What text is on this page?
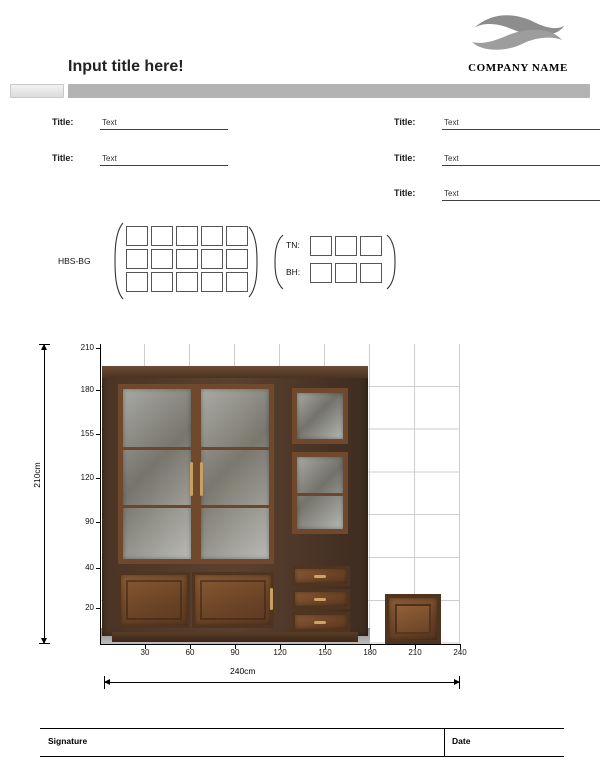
COMPANY NAME
Input title here!
Title:	Text
Title:	Text
Title:	Text
Title:	Text
Title:	Text
HBS-BG
TN:
BH:
210
180
155
120
90
40
20
30	60	90	120	150	180	210	240
210cm
240cm
Signature	Date
